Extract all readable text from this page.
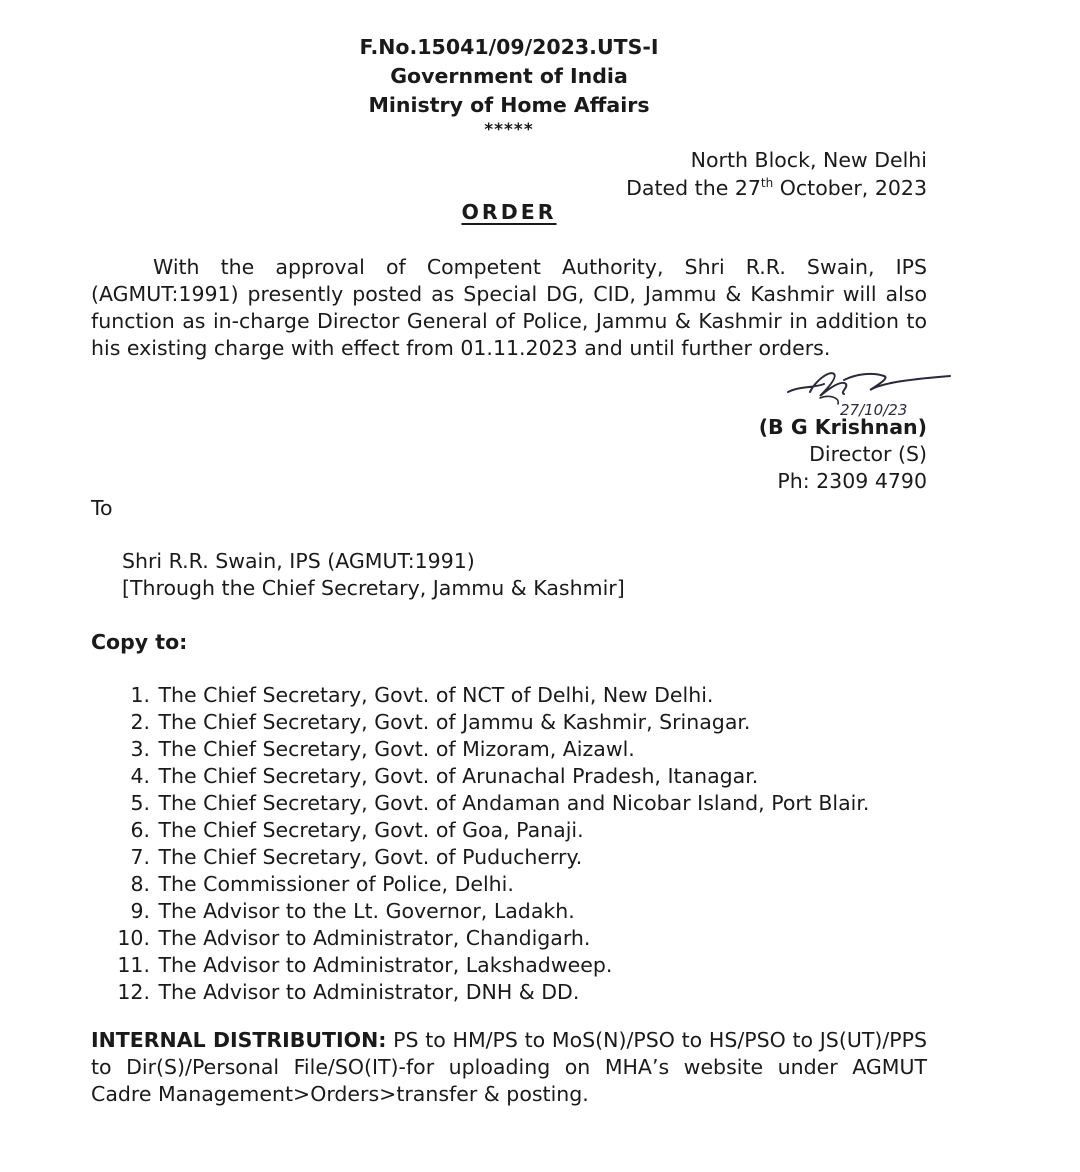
F.No.15041/09/2023.UTS-I
Government of India
Ministry of Home Affairs
*****
North Block, New Delhi
Dated the 27th October, 2023
ORDER

With the approval of Competent Authority, Shri R.R. Swain, IPS (AGMUT:1991) presently posted as Special DG, CID, Jammu & Kashmir will also function as in-charge Director General of Police, Jammu & Kashmir in addition to his existing charge with effect from 01.11.2023 and until further orders.

27/10/23
(B G Krishnan)
Director (S)
Ph: 2309 4790
To
Shri R.R. Swain, IPS (AGMUT:1991)
[Through the Chief Secretary, Jammu & Kashmir]
Copy to:
1. The Chief Secretary, Govt. of NCT of Delhi, New Delhi.
2. The Chief Secretary, Govt. of Jammu & Kashmir, Srinagar.
3. The Chief Secretary, Govt. of Mizoram, Aizawl.
4. The Chief Secretary, Govt. of Arunachal Pradesh, Itanagar.
5. The Chief Secretary, Govt. of Andaman and Nicobar Island, Port Blair.
6. The Chief Secretary, Govt. of Goa, Panaji.
7. The Chief Secretary, Govt. of Puducherry.
8. The Commissioner of Police, Delhi.
9. The Advisor to the Lt. Governor, Ladakh.
10. The Advisor to Administrator, Chandigarh.
11. The Advisor to Administrator, Lakshadweep.
12. The Advisor to Administrator, DNH & DD.

INTERNAL DISTRIBUTION: PS to HM/PS to MoS(N)/PSO to HS/PSO to JS(UT)/PPS to Dir(S)/Personal File/SO(IT)-for uploading on MHA’s website under AGMUT Cadre Management>Orders>transfer & posting.
